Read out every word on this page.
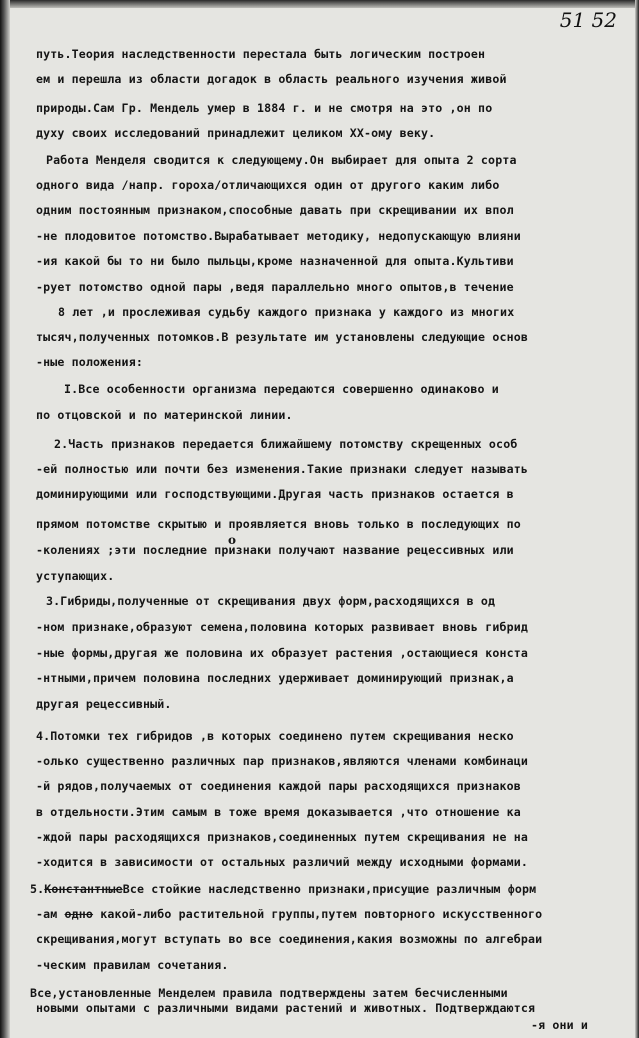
51 52
путь.Теория наследственности перестала быть логическим построен
ем и перешла из области догадок в область реального изучения живой
природы.Сам Гр. Мендель умер в 1884 г. и не смотря на это ,он по
духу своих исследований принадлежит целиком XX-ому веку.
Работа Менделя сводится к следующему.Он выбирает для опыта 2 сорта
одного вида /напр. гороха/отличающихся один от другого каким либо
одним постоянным признаком,способные давать при скрещивании их впол
-не плодовитое потомство.Вырабатывает методику, недопускающую влияни
-ия какой бы то ни было пыльцы,кроме назначенной для опыта.Культиви
-рует потомство одной пары ,ведя параллельно много опытов,в течение
8 лет ,и прослеживая судьбу каждого признака у каждого из многих
тысяч,полученных потомков.В результате им установлены следующие основ
-ные положения:
I.Все особенности организма передаются совершенно одинаково и
по отцовской и по материнской линии.
2.Часть признаков передается ближайшему потомству скрещенных особ
-ей полностью или почти без изменения.Такие признаки следует называть
доминирующими или господствующими.Другая часть признаков остается в
о
прямом потомстве скрытыю и проявляется вновь только в последующих по
-колениях ;эти последние признаки получают название рецессивных или
уступающих.
3.Гибриды,полученные от скрещивания двух форм,расходящихся в од
-ном признаке,образуют семена,половина которых развивает вновь гибрид
-ные формы,другая же половина их образует растения ,остающиеся конста
-нтными,причем половина последних удерживает доминирующий признак,а
другая рецессивный.
4.Потомки тех гибридов ,в которых соединено путем скрещивания неско
-олько существенно различных пар признаков,являются членами комбинаци
-й рядов,получаемых от соединения каждой пары расходящихся признаков
в отдельности.Этим самым в тоже время доказывается ,что отношение ка
-ждой пары расходящихся признаков,соединенных путем скрещивания не на
-ходится в зависимости от остальных различий между исходными формами.
5.КонстантныеВсе стойкие наследственно признаки,присущие различным форм
-ам одно какой-либо растительной группы,путем повторного искусственного
скрещивания,могут вступать во все соединения,какия возможны по алгебраи
-ческим правилам сочетания.
Все,установленные Менделем правила подтверждены затем бесчисленными
новыми опытами с различными видами растений и животных. Подтверждаются
-я они и
